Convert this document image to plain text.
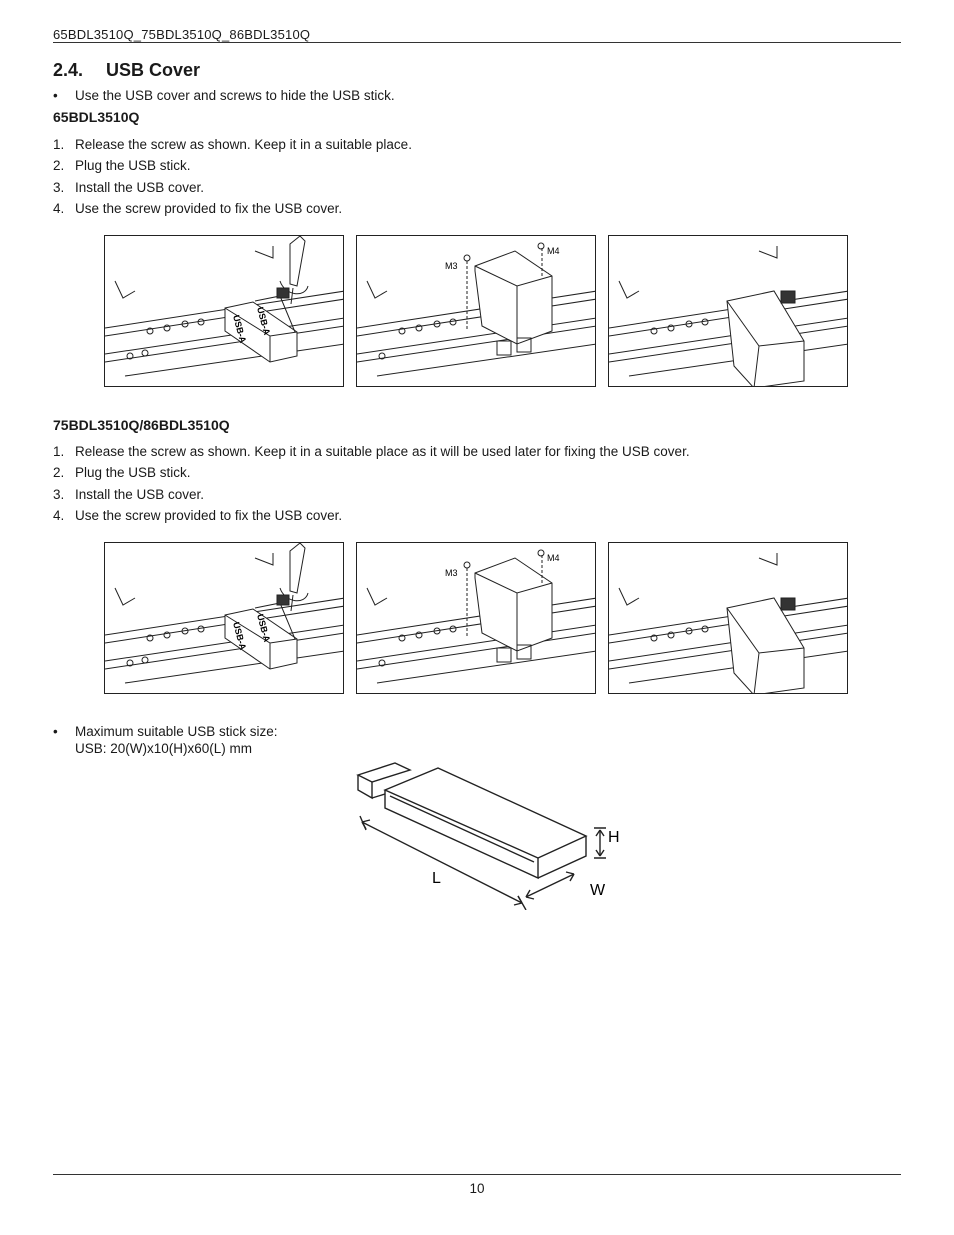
65BDL3510Q_75BDL3510Q_86BDL3510Q
2.4. USB Cover
• Use the USB cover and screws to hide the USB stick.
65BDL3510Q
1. Release the screw as shown. Keep it in a suitable place.
2. Plug the USB stick.
3. Install the USB cover.
4. Use the screw provided to fix the USB cover.
USB-A USB-A
M3
M4
75BDL3510Q/86BDL3510Q
1. Release the screw as shown. Keep it in a suitable place as it will be used later for fixing the USB cover.
2. Plug the USB stick.
3. Install the USB cover.
4. Use the screw provided to fix the USB cover.
USB-A USB-A
M3
M4
• Maximum suitable USB stick size:
USB: 20(W)x10(H)x60(L) mm
H
W
L
10
